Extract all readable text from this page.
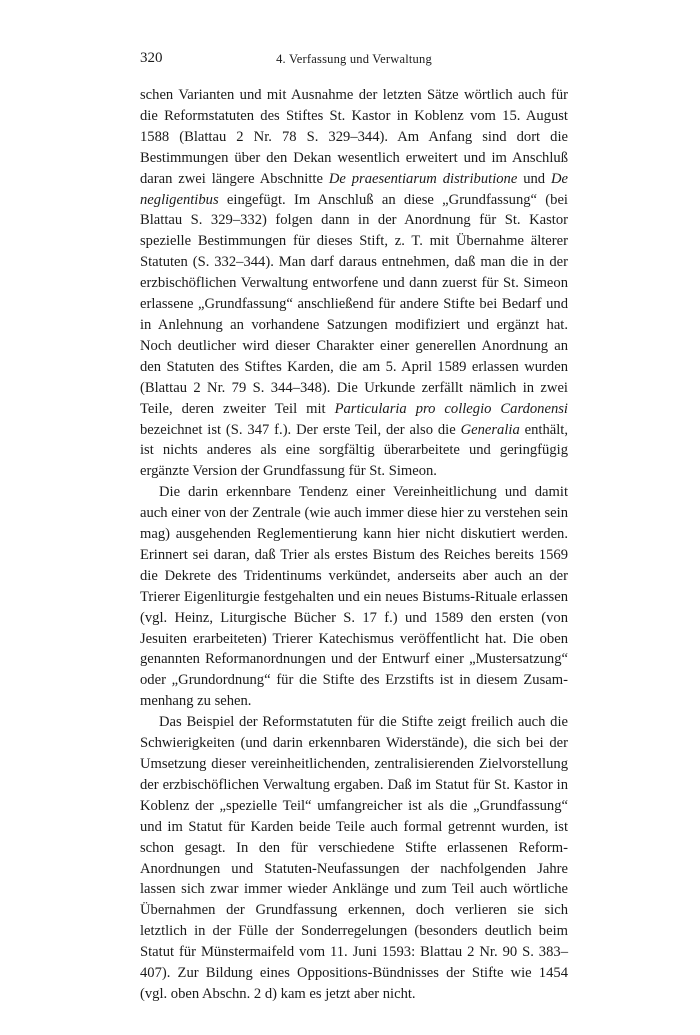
320	4. Verfassung und Verwaltung

schen Varianten und mit Ausnahme der letzten Sätze wörtlich auch für die Reformstatuten des Stiftes St. Kastor in Koblenz vom 15. August 1588 (Blattau 2 Nr. 78 S. 329–344). Am Anfang sind dort die Bestimmungen über den Dekan wesentlich erweitert und im Anschluß daran zwei längere Abschnitte De praesentiarum distributione und De negligentibus eingefügt. Im Anschluß an diese „Grundfassung“ (bei Blattau S. 329–332) folgen dann in der Anordnung für St. Kastor spezielle Bestimmungen für dieses Stift, z. T. mit Übernahme älterer Statuten (S. 332–344). Man darf daraus entnehmen, daß man die in der erzbischöflichen Verwaltung entworfene und dann zuerst für St. Simeon erlassene „Grundfassung“ anschließend für andere Stifte bei Bedarf und in Anlehnung an vorhandene Satzungen modifiziert und ergänzt hat. Noch deutlicher wird dieser Charakter einer generellen Anordnung an den Statuten des Stiftes Karden, die am 5. April 1589 erlassen wurden (Blattau 2 Nr. 79 S. 344–348). Die Urkunde zerfällt nämlich in zwei Teile, deren zweiter Teil mit Particularia pro collegio Cardonensi bezeichnet ist (S. 347 f.). Der erste Teil, der also die Generalia enthält, ist nichts anderes als eine sorgfältig überarbeitete und geringfügig ergänzte Version der Grundfassung für St. Simeon.

Die darin erkennbare Tendenz einer Vereinheitlichung und damit auch einer von der Zentrale (wie auch immer diese hier zu verstehen sein mag) ausgehenden Reglementierung kann hier nicht diskutiert werden. Erinnert sei daran, daß Trier als erstes Bistum des Reiches bereits 1569 die Dekrete des Tridentinums verkündet, anderseits aber auch an der Trierer Eigenliturgie festgehalten und ein neues Bistums-Rituale erlassen (vgl. Heinz, Liturgische Bücher S. 17 f.) und 1589 den ersten (von Jesuiten erarbeiteten) Trierer Katechismus veröffentlicht hat. Die oben genannten Reformanordnungen und der Entwurf einer „Mustersatzung“ oder „Grundordnung“ für die Stifte des Erzstifts ist in diesem Zusammenhang zu sehen.

Das Beispiel der Reformstatuten für die Stifte zeigt freilich auch die Schwierigkeiten (und darin erkennbaren Widerstände), die sich bei der Umsetzung dieser vereinheitlichenden, zentralisierenden Zielvorstellung der erzbischöflichen Verwaltung ergaben. Daß im Statut für St. Kastor in Koblenz der „spezielle Teil“ umfangreicher ist als die „Grundfassung“ und im Statut für Karden beide Teile auch formal getrennt wurden, ist schon gesagt. In den für verschiedene Stifte erlassenen Reform-Anordnungen und Statuten-Neufassungen der nachfolgenden Jahre lassen sich zwar immer wieder Anklänge und zum Teil auch wörtliche Übernahmen der Grundfassung erkennen, doch verlieren sie sich letztlich in der Fülle der Sonderregelungen (besonders deutlich beim Statut für Münstermaifeld vom 11. Juni 1593: Blattau 2 Nr. 90 S. 383–407). Zur Bildung eines Oppositions-Bündnisses der Stifte wie 1454 (vgl. oben Abschn. 2 d) kam es jetzt aber nicht.
